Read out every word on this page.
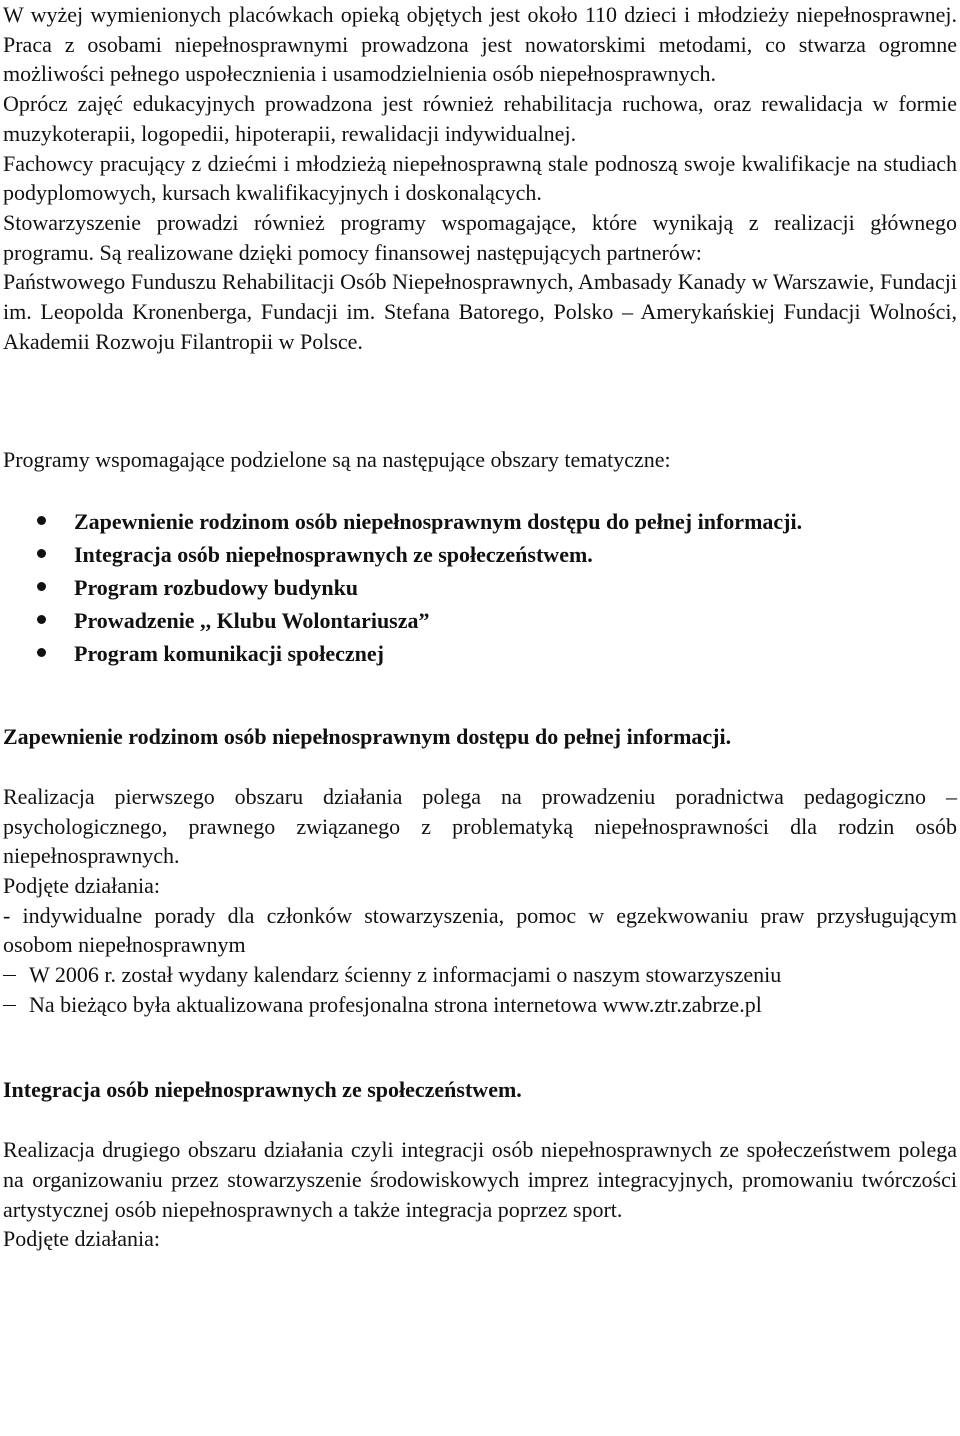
W wyżej wymienionych placówkach opieką objętych jest około 110 dzieci i młodzieży niepełnosprawnej. Praca z osobami niepełnosprawnymi prowadzona jest nowatorskimi metodami, co stwarza ogromne możliwości pełnego uspołecznienia i usamodzielnienia osób niepełnosprawnych.

Oprócz zajęć edukacyjnych prowadzona jest również rehabilitacja ruchowa, oraz rewalidacja w formie muzykoterapii, logopedii, hipoterapii, rewalidacji indywidualnej.

Fachowcy pracujący z dziećmi i młodzieżą niepełnosprawną stale podnoszą swoje kwalifikacje na studiach podyplomowych, kursach kwalifikacyjnych i doskonalących.

Stowarzyszenie prowadzi również programy wspomagające, które wynikają z realizacji głównego programu. Są realizowane dzięki pomocy finansowej następujących partnerów:

Państwowego Funduszu Rehabilitacji Osób Niepełnosprawnych, Ambasady Kanady w Warszawie, Fundacji im. Leopolda Kronenberga, Fundacji im. Stefana Batorego, Polsko – Amerykańskiej Fundacji Wolności, Akademii Rozwoju Filantropii w Polsce.

Programy wspomagające podzielone są na następujące obszary tematyczne:

Zapewnienie rodzinom osób niepełnosprawnym dostępu do pełnej informacji.
Integracja osób niepełnosprawnych ze społeczeństwem.
Program rozbudowy budynku
Prowadzenie ,, Klubu Wolontariusza”
Program komunikacji społecznej

Zapewnienie rodzinom osób niepełnosprawnym dostępu do pełnej informacji.

Realizacja pierwszego obszaru działania polega na prowadzeniu poradnictwa pedagogiczno – psychologicznego, prawnego związanego z problematyką niepełnosprawności dla rodzin osób niepełnosprawnych.

Podjęte działania:

- indywidualne porady dla członków stowarzyszenia, pomoc w egzekwowaniu praw przysługującym osobom niepełnosprawnym

W 2006 r. został wydany kalendarz ścienny z informacjami o naszym stowarzyszeniu

Na bieżąco była aktualizowana profesjonalna strona internetowa www.ztr.zabrze.pl

Integracja osób niepełnosprawnych ze społeczeństwem.

Realizacja drugiego obszaru działania czyli integracji osób niepełnosprawnych ze społeczeństwem polega na organizowaniu przez stowarzyszenie środowiskowych imprez integracyjnych, promowaniu twórczości artystycznej osób niepełnosprawnych a także integracja poprzez sport.

Podjęte działania:
